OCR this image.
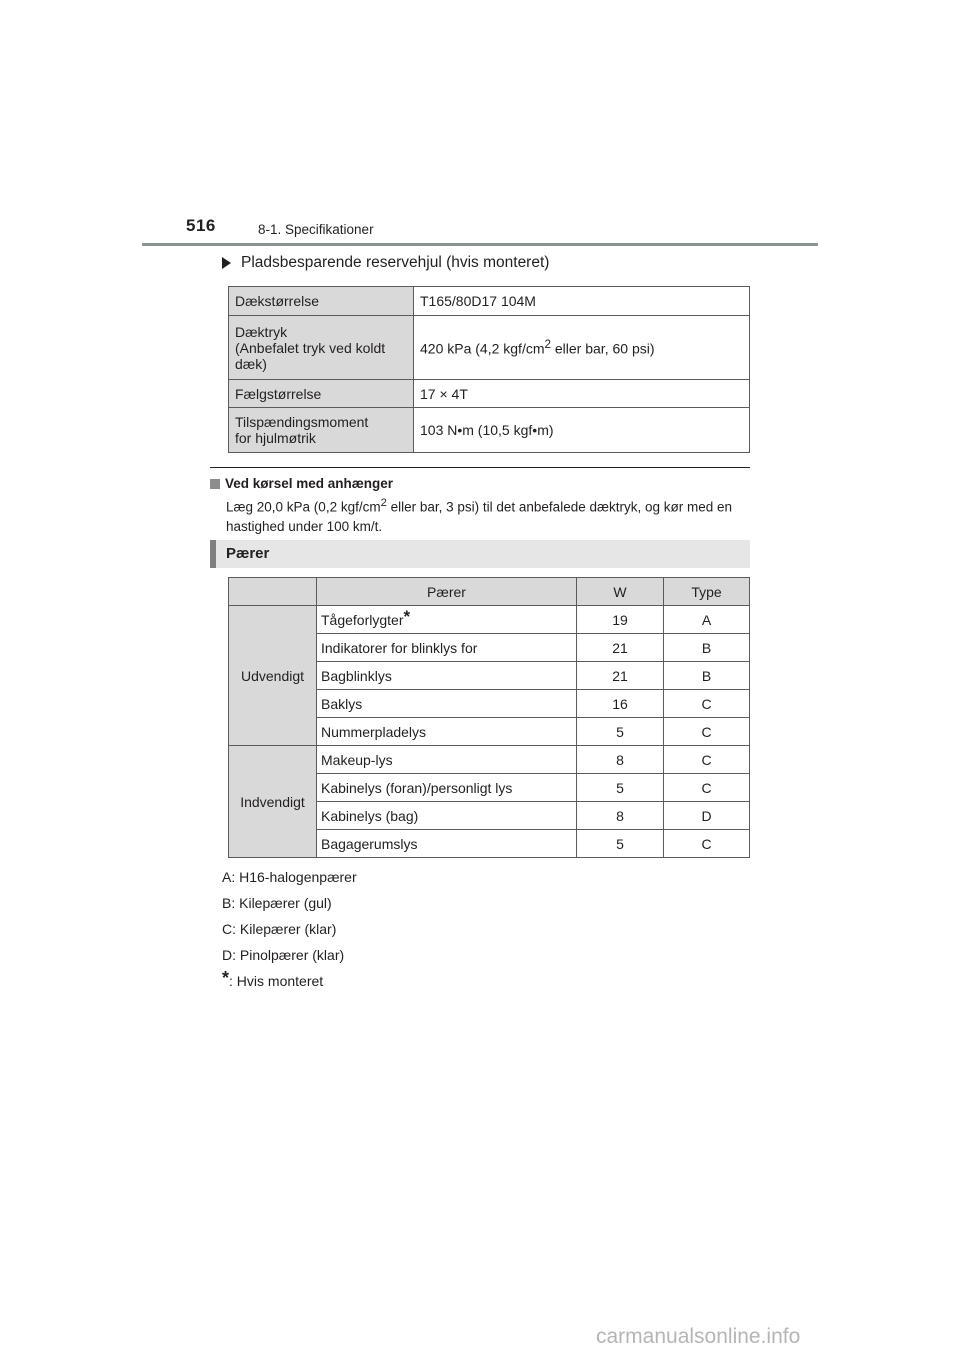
516	8-1. Specifikationer
Pladsbesparende reservehjul (hvis monteret)
Dækstørrelse	T165/80D17 104M
Dæktryk
(Anbefalet tryk ved koldt
dæk)	420 kPa (4,2 kgf/$cm^2$ eller bar, 60 psi)
Fælgstørrelse	17 × 4T
Tilspændingsmoment
for hjulmøtrik	103 N•m (10,5 kgf•m)
Ved kørsel med anhænger
Læg 20,0 kPa (0,2 kgf/$cm^2$ eller bar, 3 psi) til det anbefalede dæktryk, og kør med en hastighed under 100 km/t.
Pærer
	Pærer	W	Type
Udvendigt	Tågeforlygter*	19	A
	Indikatorer for blinklys for	21	B
	Bagblinklys	21	B
	Baklys	16	C
	Nummerpladelys	5	C
Indvendigt	Makeup-lys	8	C
	Kabinelys (foran)/personligt lys	5	C
	Kabinelys (bag)	8	D
	Bagagerumslys	5	C
A: H16-halogenpærer
B: Kilepærer (gul)
C: Kilepærer (klar)
D: Pinolpærer (klar)
*: Hvis monteret
carmanualsonline.info
